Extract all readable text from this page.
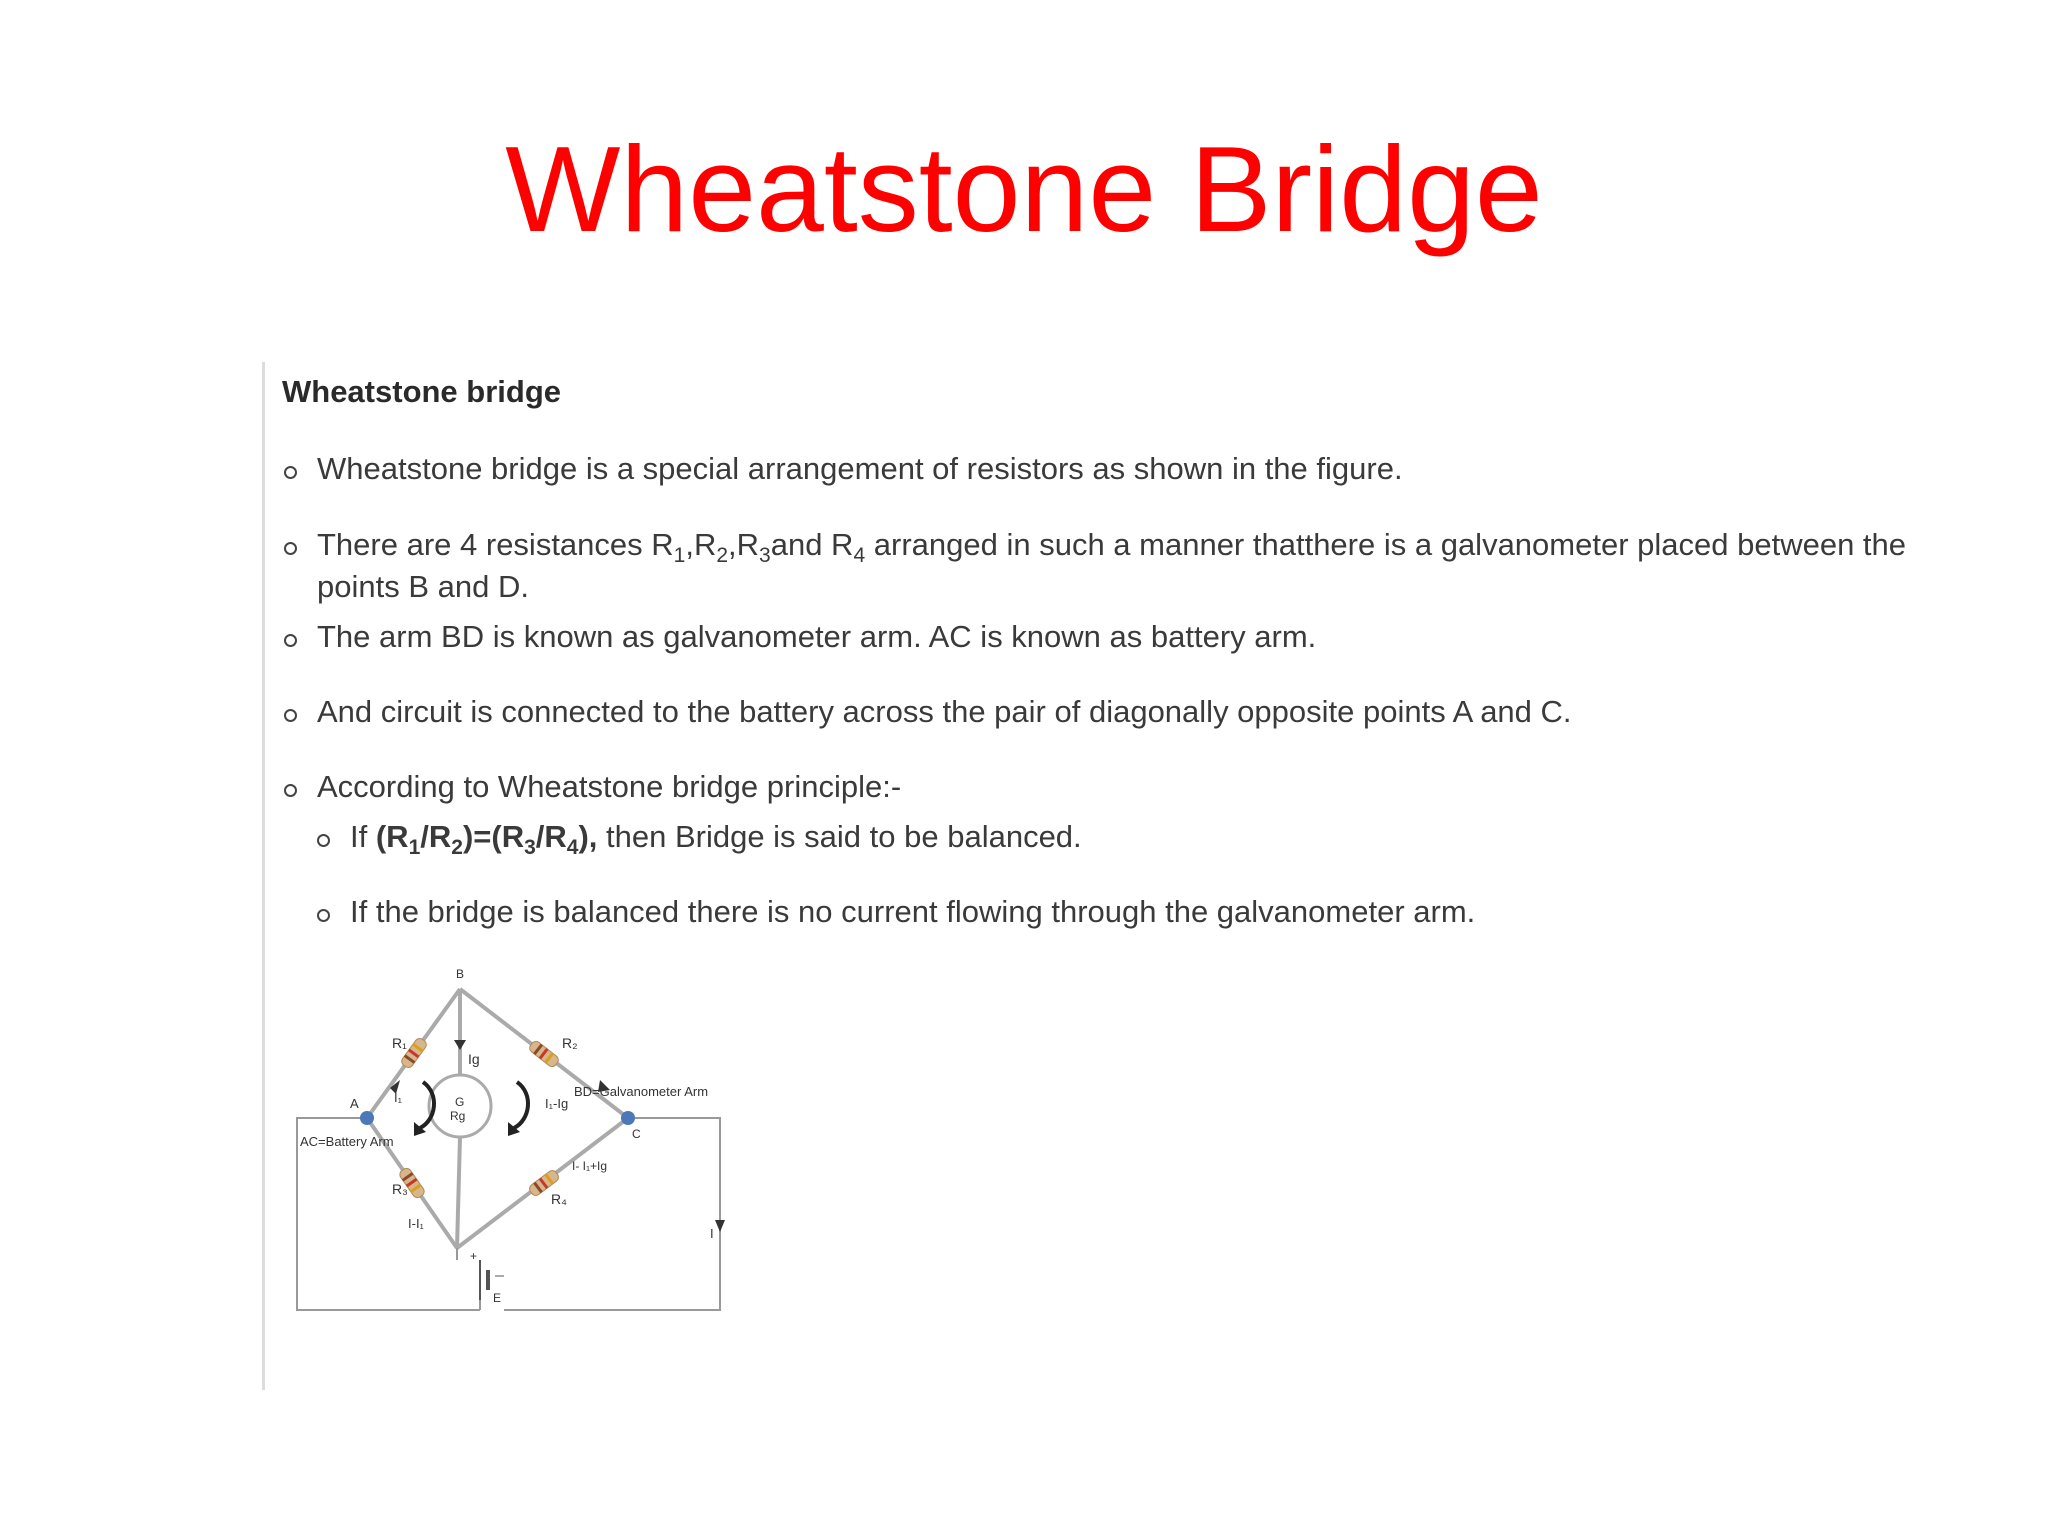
Wheatstone Bridge
Wheatstone bridge
Wheatstone bridge is a special arrangement of resistors as shown in the figure.
There are 4 resistances $R_1,R_2,R_3and$ $R_4$ arranged in such a manner thatthere is a galvanometer placed between the
points B and D.
The arm BD is known as galvanometer arm. AC is known as battery arm.
And circuit is connected to the battery across the pair of diagonally opposite points A and C.
According to Wheatstone bridge principle:-
If $(R_1/R_2)=(R_3/R_4)$, then Bridge is said to be balanced.
If the bridge is balanced there is no current flowing through the galvanometer arm.
B
A
C
R₁	R₂
R₃
R₄
Ig
I₁	I₁-Ig
I-I₁
I- I₁+Ig
I
G
Rg
E
+
BD=Galvanometer Arm
AC=Battery Arm
